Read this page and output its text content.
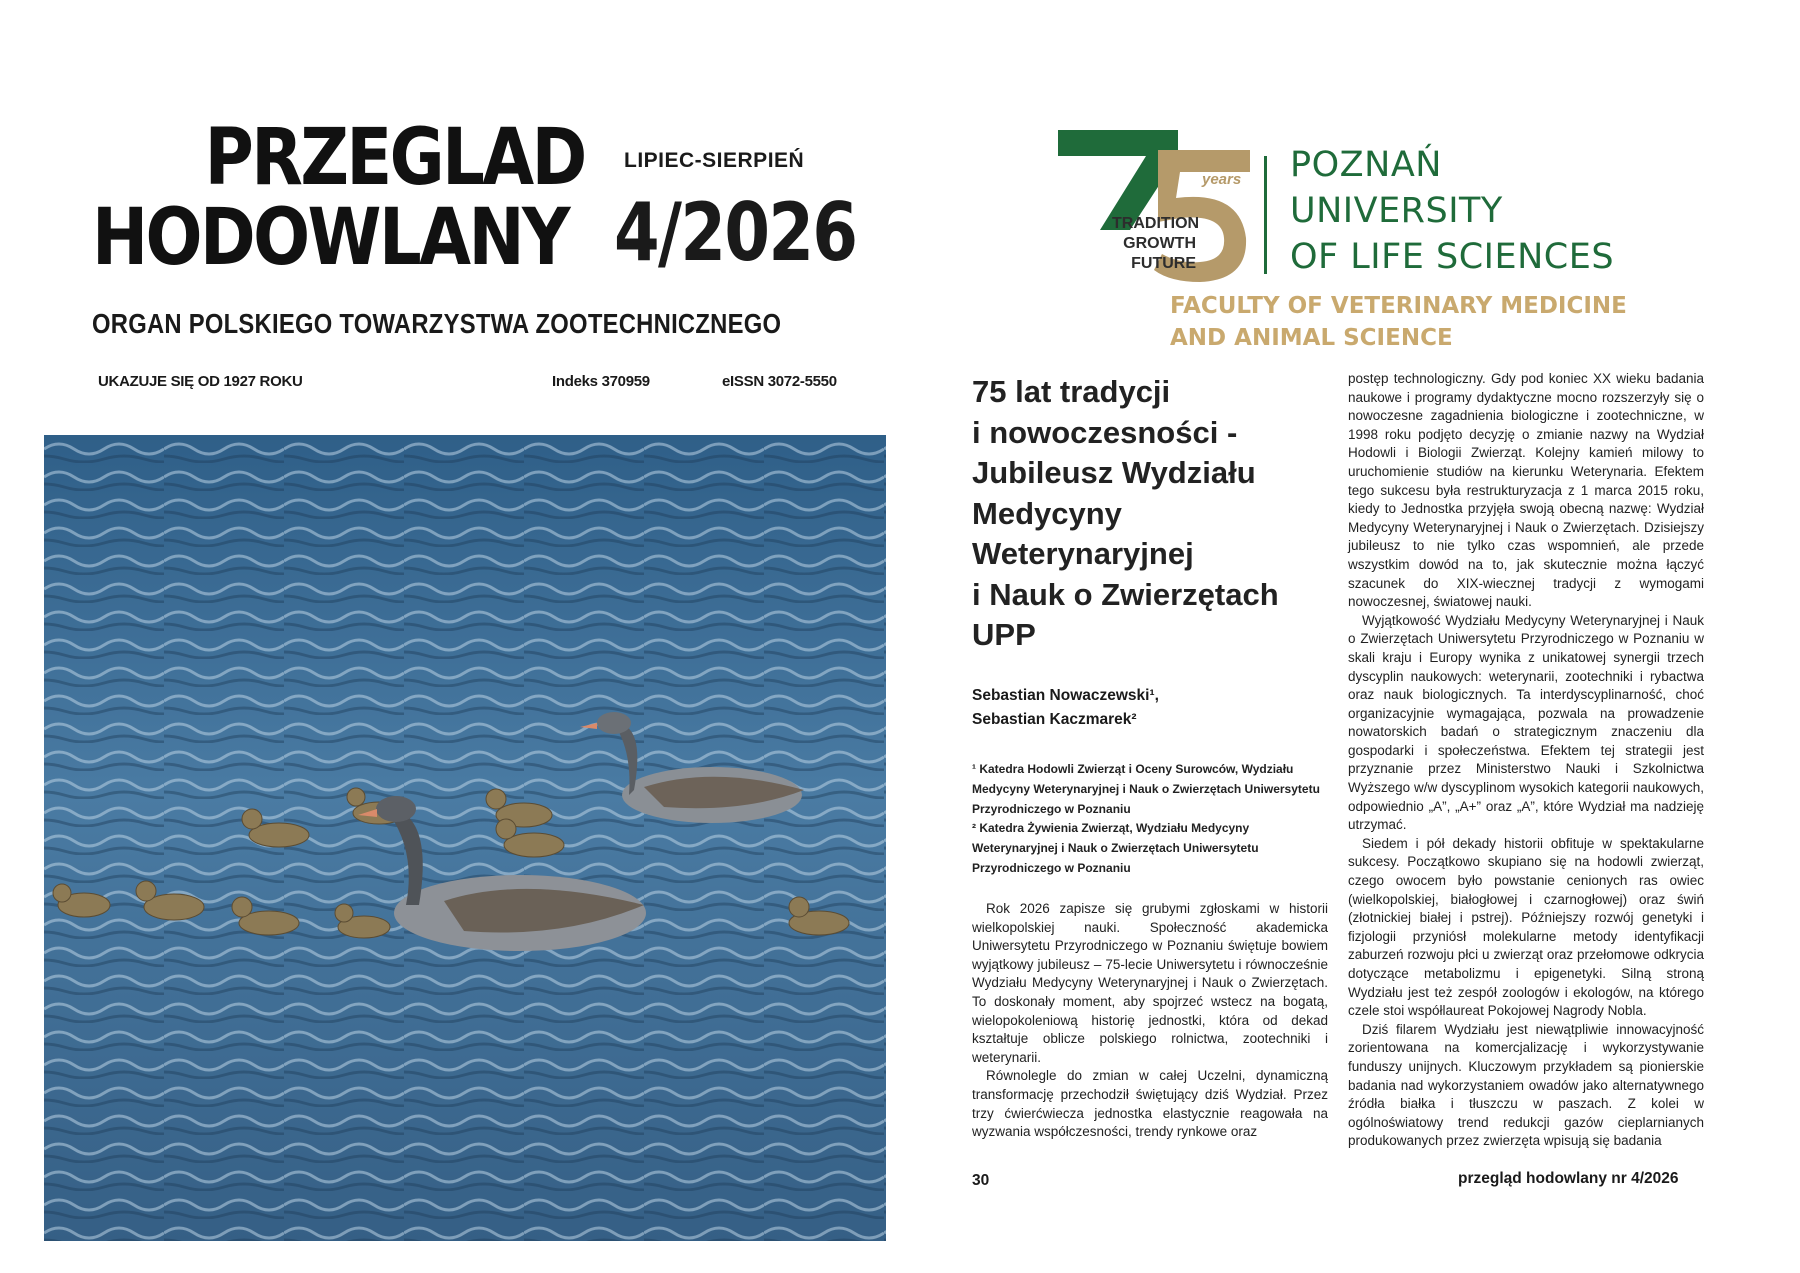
PRZEGLAD
HODOWLANY
LIPIEC-SIERPIEŃ
4/2026
ORGAN POLSKIEGO TOWARZYSTWA ZOOTECHNICZNEGO
UKAZUJE SIĘ OD 1927 ROKU	Indeks 370959	eISSN 3072-5550
years
TRADITION
GROWTH
FUTURE
POZNAŃ
UNIVERSITY
OF LIFE SCIENCES
FACULTY OF VETERINARY MEDICINE
AND ANIMAL SCIENCE
75 lat tradycji
i nowoczesności -
Jubileusz Wydziału
Medycyny
Weterynaryjnej
i Nauk o Zwierzętach
UPP
Sebastian Nowaczewski¹,
Sebastian Kaczmarek²
¹ Katedra Hodowli Zwierząt i Oceny Surowców, Wydziału Medycyny Weterynaryjnej i Nauk o Zwierzętach Uniwersytetu Przyrodniczego w Poznaniu
² Katedra Żywienia Zwierząt, Wydziału Medycyny Weterynaryjnej i Nauk o Zwierzętach Uniwersytetu Przyrodniczego w Poznaniu

Rok 2026 zapisze się grubymi zgłoskami w historii wielkopolskiej nauki. Społeczność akademicka Uniwersytetu Przyrodniczego w Poznaniu świętuje bowiem wyjątkowy jubileusz – 75-lecie Uniwersytetu i równocześnie Wydziału Medycyny Weterynaryjnej i Nauk o Zwierzętach. To doskonały moment, aby spojrzeć wstecz na bogatą, wielopokoleniową historię jednostki, która od dekad kształtuje oblicze polskiego rolnictwa, zootechniki i weterynarii.

Równolegle do zmian w całej Uczelni, dynamiczną transformację przechodził świętujący dziś Wydział. Przez trzy ćwierćwiecza jednostka elastycznie reagowała na wyzwania współczesności, trendy rynkowe oraz

postęp technologiczny. Gdy pod koniec XX wieku badania naukowe i programy dydaktyczne mocno rozszerzyły się o nowoczesne zagadnienia biologiczne i zootechniczne, w 1998 roku podjęto decyzję o zmianie nazwy na Wydział Hodowli i Biologii Zwierząt. Kolejny kamień milowy to uruchomienie studiów na kierunku Weterynaria. Efektem tego sukcesu była restrukturyzacja z 1 marca 2015 roku, kiedy to Jednostka przyjęła swoją obecną nazwę: Wydział Medycyny Weterynaryjnej i Nauk o Zwierzętach. Dzisiejszy jubileusz to nie tylko czas wspomnień, ale przede wszystkim dowód na to, jak skutecznie można łączyć szacunek do XIX-wiecznej tradycji z wymogami nowoczesnej, światowej nauki.

Wyjątkowość Wydziału Medycyny Weterynaryjnej i Nauk o Zwierzętach Uniwersytetu Przyrodniczego w Poznaniu w skali kraju i Europy wynika z unikatowej synergii trzech dyscyplin naukowych: weterynarii, zootechniki i rybactwa oraz nauk biologicznych. Ta interdyscyplinarność, choć organizacyjnie wymagająca, pozwala na prowadzenie nowatorskich badań o strategicznym znaczeniu dla gospodarki i społeczeństwa. Efektem tej strategii jest przyznanie przez Ministerstwo Nauki i Szkolnictwa Wyższego w/w dyscyplinom wysokich kategorii naukowych, odpowiednio „A”, „A+” oraz „A”, które Wydział ma nadzieję utrzymać.

Siedem i pół dekady historii obfituje w spektakularne sukcesy. Początkowo skupiano się na hodowli zwierząt, czego owocem było powstanie cenionych ras owiec (wielkopolskiej, białogłowej i czarnogłowej) oraz świń (złotnickiej białej i pstrej). Późniejszy rozwój genetyki i fizjologii przyniósł molekularne metody identyfikacji zaburzeń rozwoju płci u zwierząt oraz przełomowe odkrycia dotyczące metabolizmu i epigenetyki. Silną stroną Wydziału jest też zespół zoologów i ekologów, na którego czele stoi współlaureat Pokojowej Nagrody Nobla.

Dziś filarem Wydziału jest niewątpliwie innowacyjność zorientowana na komercjalizację i wykorzystywanie funduszy unijnych. Kluczowym przykładem są pionierskie badania nad wykorzystaniem owadów jako alternatywnego źródła białka i tłuszczu w paszach. Z kolei w ogólnoświatowy trend redukcji gazów cieplarnianych produkowanych przez zwierzęta wpisują się badania

30	przegląd hodowlany nr 4/2026
